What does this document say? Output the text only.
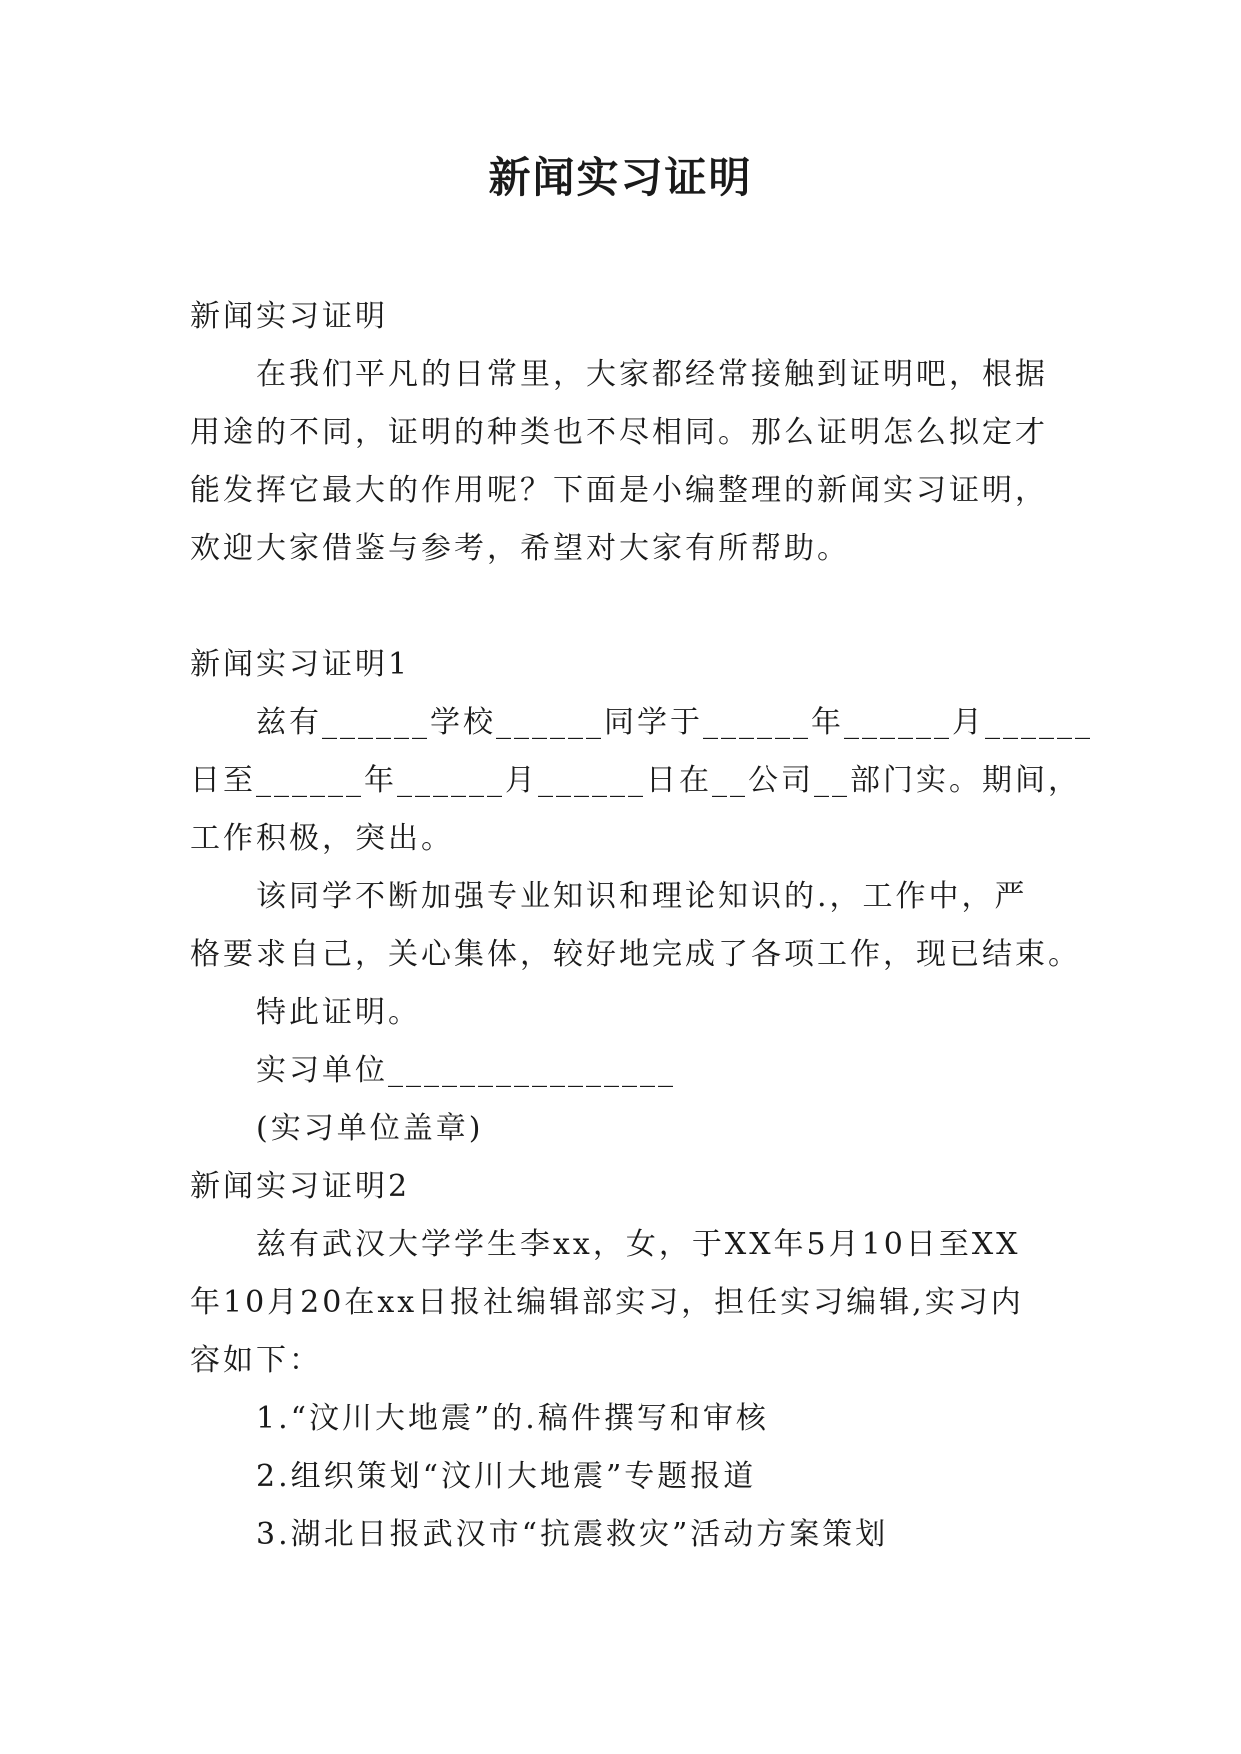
新闻实习证明
新闻实习证明
在我们平凡的日常里，大家都经常接触到证明吧，根据
用途的不同，证明的种类也不尽相同。那么证明怎么拟定才
能发挥它最大的作用呢？下面是小编整理的新闻实习证明，
欢迎大家借鉴与参考，希望对大家有所帮助。
新闻实习证明1
兹有______学校______同学于______年______月______
日至______年______月______日在__公司__部门实。期间，
工作积极，突出。
该同学不断加强专业知识和理论知识的.，工作中，严
格要求自己，关心集体，较好地完成了各项工作，现已结束。
特此证明。
实习单位________________
(实习单位盖章)
新闻实习证明2
兹有武汉大学学生李xx，女，于XX年5月10日至XX
年10月20在xx日报社编辑部实习，担任实习编辑,实习内
容如下：
1.“汶川大地震”的.稿件撰写和审核
2.组织策划“汶川大地震”专题报道
3.湖北日报武汉市“抗震救灾”活动方案策划
